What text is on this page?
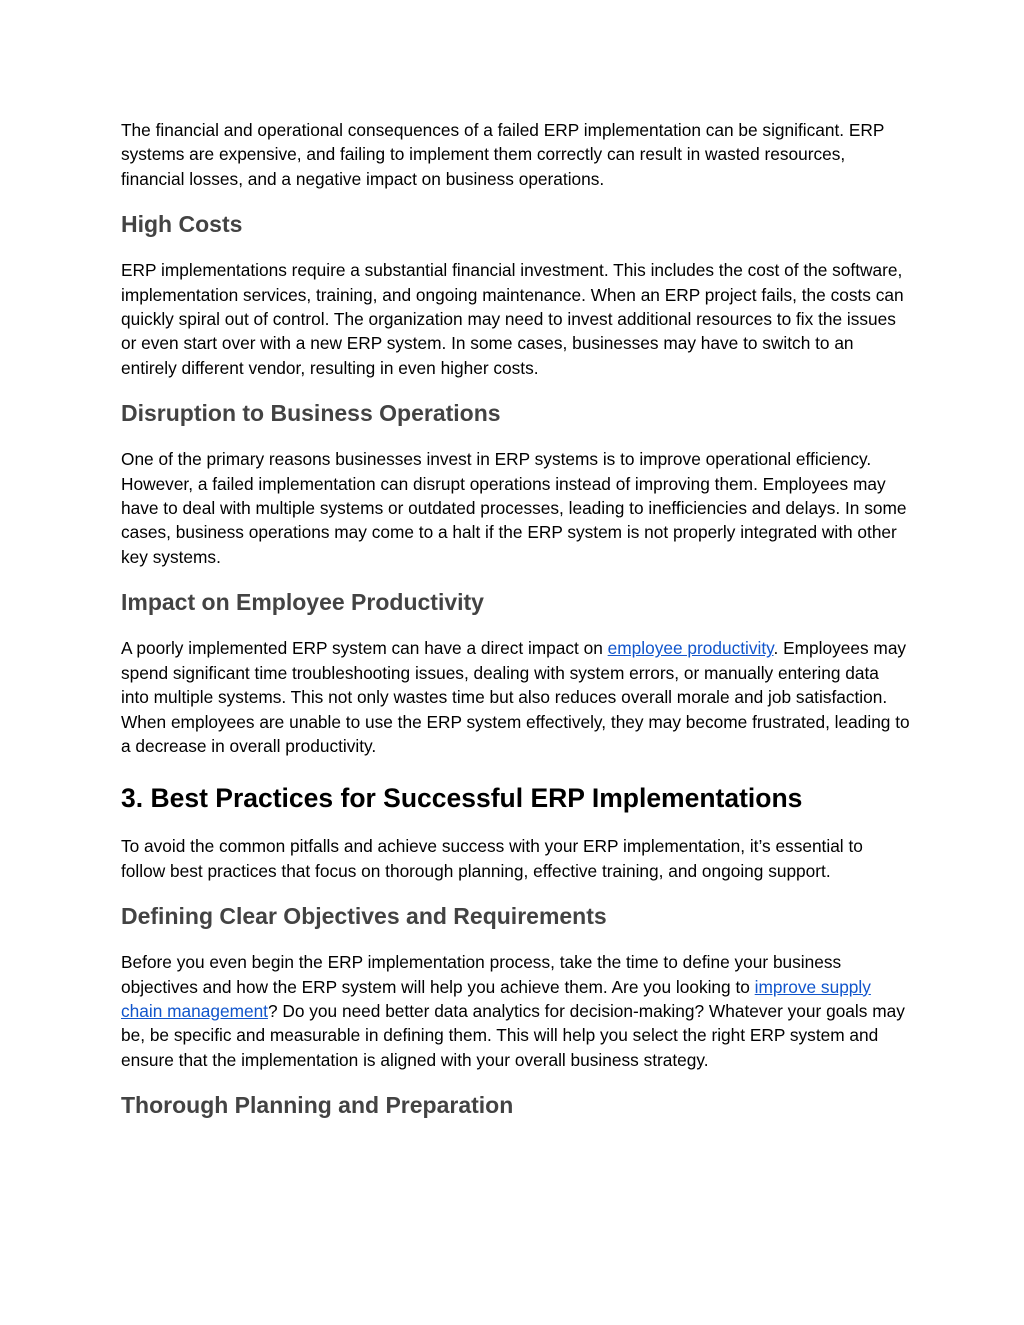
The financial and operational consequences of a failed ERP implementation can be significant. ERP systems are expensive, and failing to implement them correctly can result in wasted resources, financial losses, and a negative impact on business operations.

High Costs

ERP implementations require a substantial financial investment. This includes the cost of the software, implementation services, training, and ongoing maintenance. When an ERP project fails, the costs can quickly spiral out of control. The organization may need to invest additional resources to fix the issues or even start over with a new ERP system. In some cases, businesses may have to switch to an entirely different vendor, resulting in even higher costs.

Disruption to Business Operations

One of the primary reasons businesses invest in ERP systems is to improve operational efficiency. However, a failed implementation can disrupt operations instead of improving them. Employees may have to deal with multiple systems or outdated processes, leading to inefficiencies and delays. In some cases, business operations may come to a halt if the ERP system is not properly integrated with other key systems.

Impact on Employee Productivity

A poorly implemented ERP system can have a direct impact on employee productivity. Employees may spend significant time troubleshooting issues, dealing with system errors, or manually entering data into multiple systems. This not only wastes time but also reduces overall morale and job satisfaction. When employees are unable to use the ERP system effectively, they may become frustrated, leading to a decrease in overall productivity.

3. Best Practices for Successful ERP Implementations

To avoid the common pitfalls and achieve success with your ERP implementation, it’s essential to follow best practices that focus on thorough planning, effective training, and ongoing support.

Defining Clear Objectives and Requirements

Before you even begin the ERP implementation process, take the time to define your business objectives and how the ERP system will help you achieve them. Are you looking to improve supply chain management? Do you need better data analytics for decision-making? Whatever your goals may be, be specific and measurable in defining them. This will help you select the right ERP system and ensure that the implementation is aligned with your overall business strategy.

Thorough Planning and Preparation
